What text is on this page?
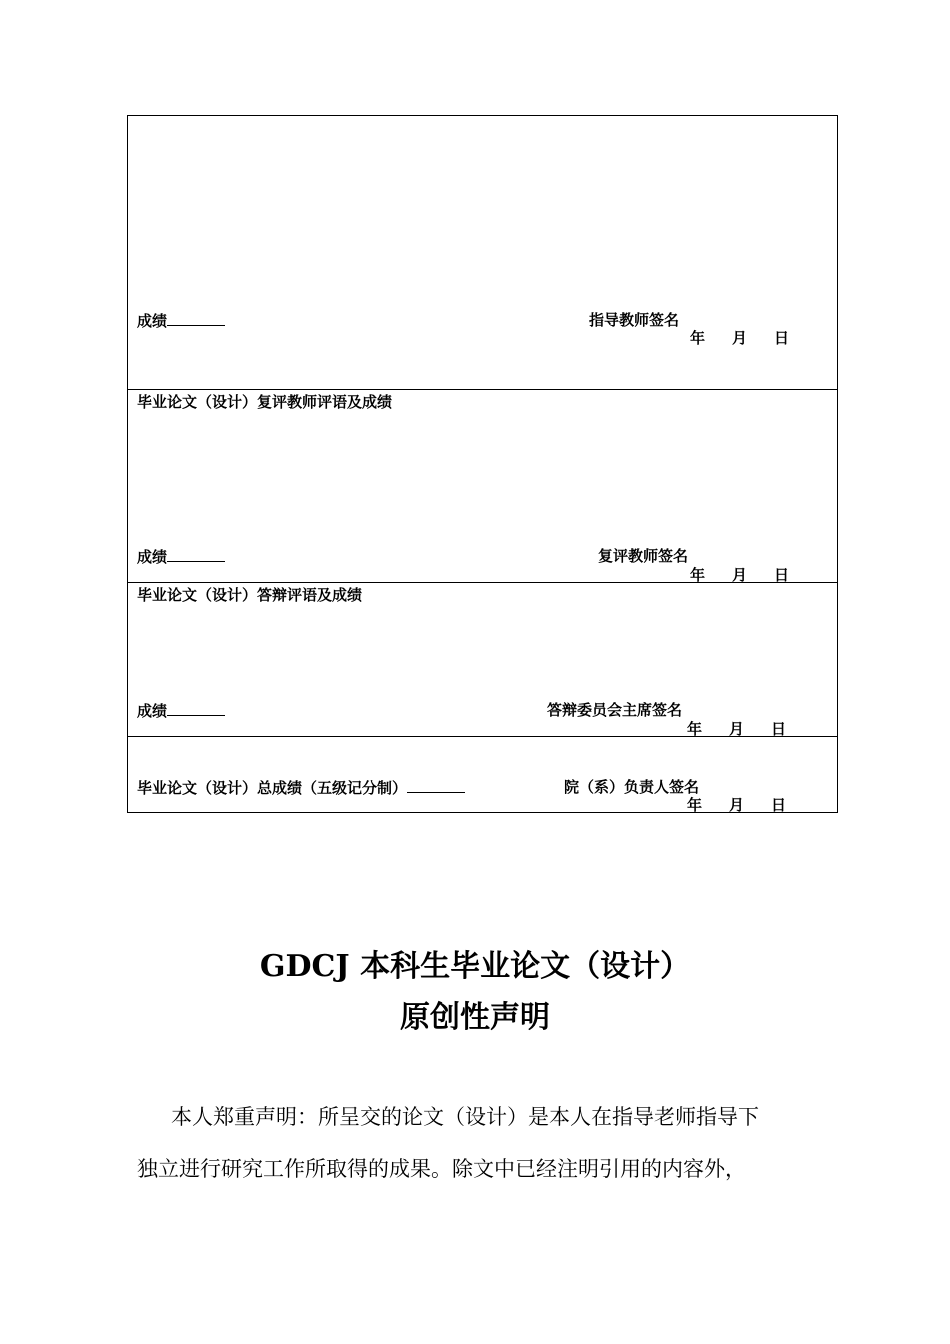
成绩	指导教师签名
年 月 日
毕业论文（设计）复评教师评语及成绩
成绩	复评教师签名
年 月 日
毕业论文（设计）答辩评语及成绩
成绩	答辩委员会主席签名
年 月 日
毕业论文（设计）总成绩（五级记分制）	院（系）负责人签名
年 月 日
GDCJ 本科生毕业论文（设计）
原创性声明
本人郑重声明：所呈交的论文（设计）是本人在指导老师指导下
独立进行研究工作所取得的成果。除文中已经注明引用的内容外，
